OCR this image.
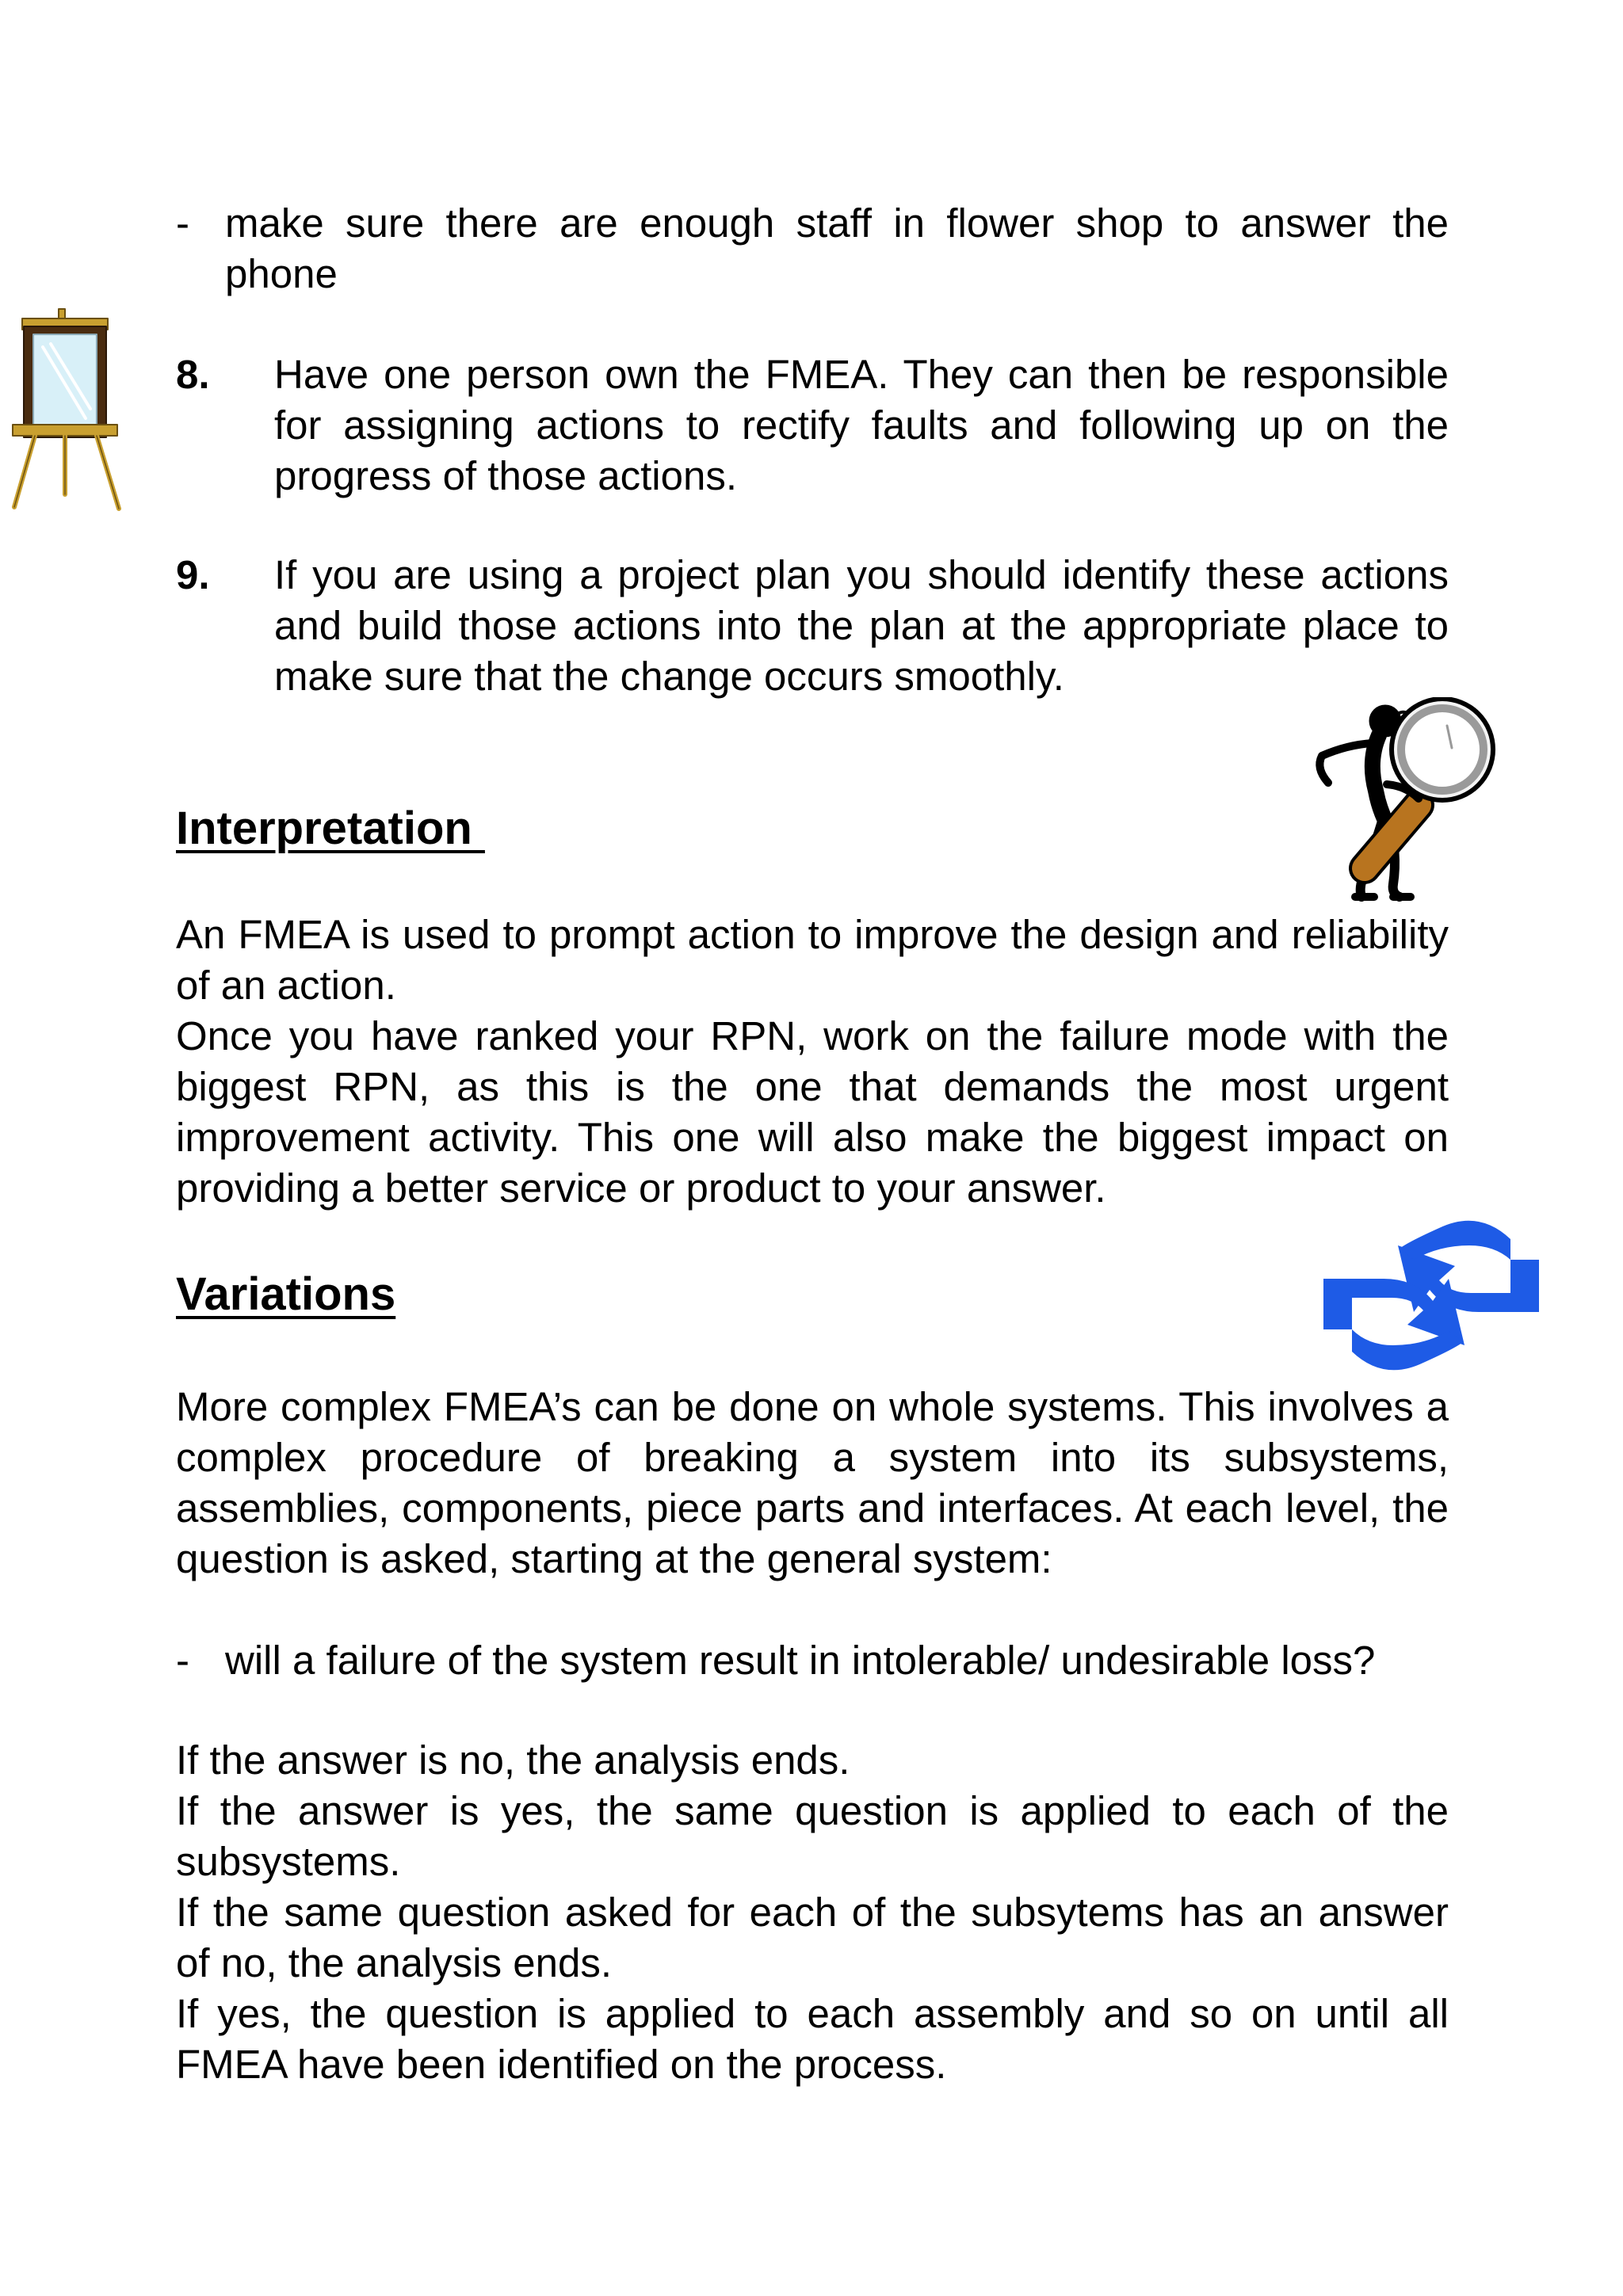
- make sure there are enough staff in flower shop to answer the phone
8. Have one person own the FMEA. They can then be responsible for assigning actions to rectify faults and following up on the progress of those actions.
9. If you are using a project plan you should identify these actions and build those actions into the plan at the appropriate place to make sure that the change occurs smoothly.
Interpretation

An FMEA is used to prompt action to improve the design and reliability of an action.

Once you have ranked your RPN, work on the failure mode with the biggest RPN, as this is the one that demands the most urgent improvement activity. This one will also make the biggest impact on providing a better service or product to your answer.

Variations
More complex FMEA’s can be done on whole systems. This involves a complex procedure of breaking a system into its subsystems, assemblies, components, piece parts and interfaces. At each level, the question is asked, starting at the general system:
- will a failure of the system result in intolerable/ undesirable loss?

If the answer is no, the analysis ends.

If the answer is yes, the same question is applied to each of the subsystems.

If the same question asked for each of the subsytems has an answer of no, the analysis ends.

If yes, the question is applied to each assembly and so on until all FMEA have been identified on the process.
